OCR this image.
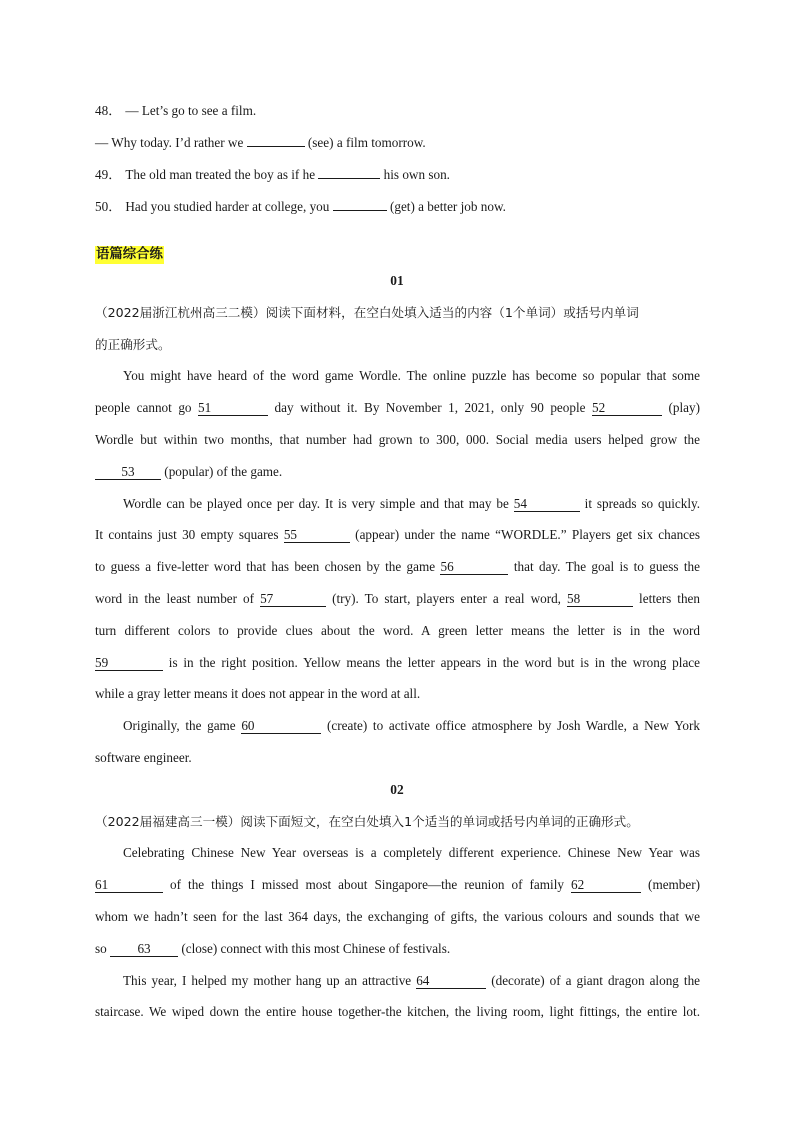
48． — Let’s go to see a film.
— Why today. I’d rather we	(see) a film tomorrow.
49． The old man treated the boy as if he	his own son.
50． Had you studied harder at college, you	(get) a better job now.
语篇综合练
01
（2022届浙江杭州高三二模）阅读下面材料，在空白处填入适当的内容（1个单词）或括号内单词
的正确形式。
You might have heard of the word game Wordle. The online puzzle has become so popular that some
people cannot go 51	day without it. By November 1, 2021, only 90 people 52	(play)
Wordle but within two months, that number had grown to 300, 000. Social media users helped grow the
53 (popular) of the game.
Wordle can be played once per day. It is very simple and that may be 54	it spreads so quickly.
It contains just 30 empty squares 55	(appear) under the name “WORDLE.” Players get six chances
to guess a five-letter word that has been chosen by the game 56	that day. The goal is to guess the
word in the least number of 57	(try). To start, players enter a real word, 58	letters then
turn different colors to provide clues about the word. A green letter means the letter is in the word
59	is in the right position. Yellow means the letter appears in the word but is in the wrong place
while a gray letter means it does not appear in the word at all.
Originally, the game 60	(create) to activate office atmosphere by Josh Wardle, a New York
software engineer.
02
（2022届福建高三一模）阅读下面短文，在空白处填入1个适当的单词或括号内单词的正确形式。
Celebrating Chinese New Year overseas is a completely different experience. Chinese New Year was
61	of the things I missed most about Singapore—the reunion of family 62	(member)
whom we hadn’t seen for the last 364 days, the exchanging of gifts, the various colours and sounds that we
so 63 (close) connect with this most Chinese of festivals.
This year, I helped my mother hang up an attractive 64	(decorate) of a giant dragon along the
staircase. We wiped down the entire house together-the kitchen, the living room, light fittings, the entire lot.
